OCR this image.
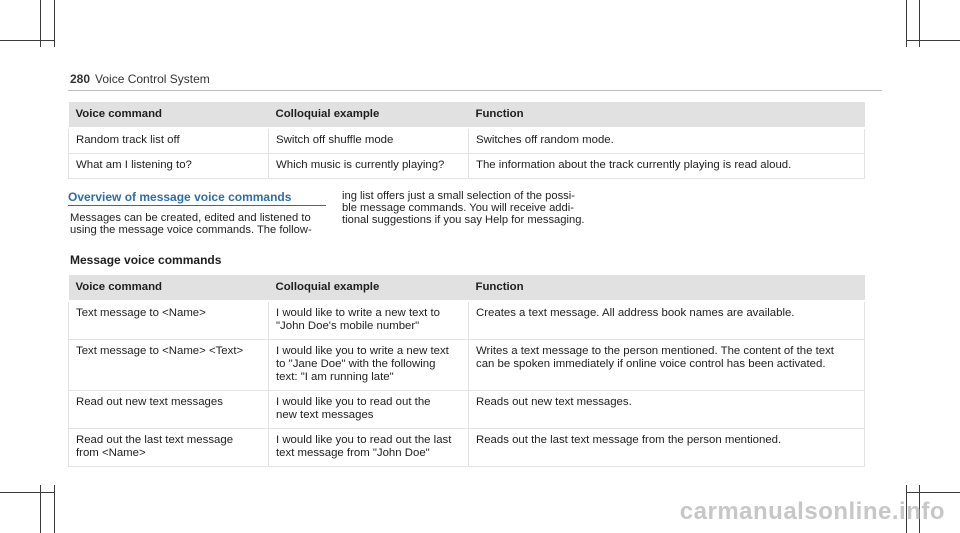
280 Voice Control System
Voice command	Colloquial example	Function

Random track list off	Switch off shuffle mode	Switches off random mode.

What am I listening to?	Which music is currently playing?	The information about the track currently playing is read aloud.
Overview of message voice commands
Messages can be created, edited and listened to
using the message voice commands. The follow-
ing list offers just a small selection of the possi-
ble message commands. You will receive addi-
tional suggestions if you say Help for messaging.
Message voice commands
Voice command	Colloquial example	Function

Text message to <Name>	I would like to write a new text to
"John Doe's mobile number"	Creates a text message. All address book names are available.

Text message to <Name> <Text>	I would like you to write a new text
to "Jane Doe" with the following
text: "I am running late"	Writes a text message to the person mentioned. The content of the text
can be spoken immediately if online voice control has been activated.

Read out new text messages	I would like you to read out the
new text messages	Reads out new text messages.

Read out the last text message
from <Name>	I would like you to read out the last
text message from "John Doe"	Reads out the last text message from the person mentioned.
carmanualsonline.info
